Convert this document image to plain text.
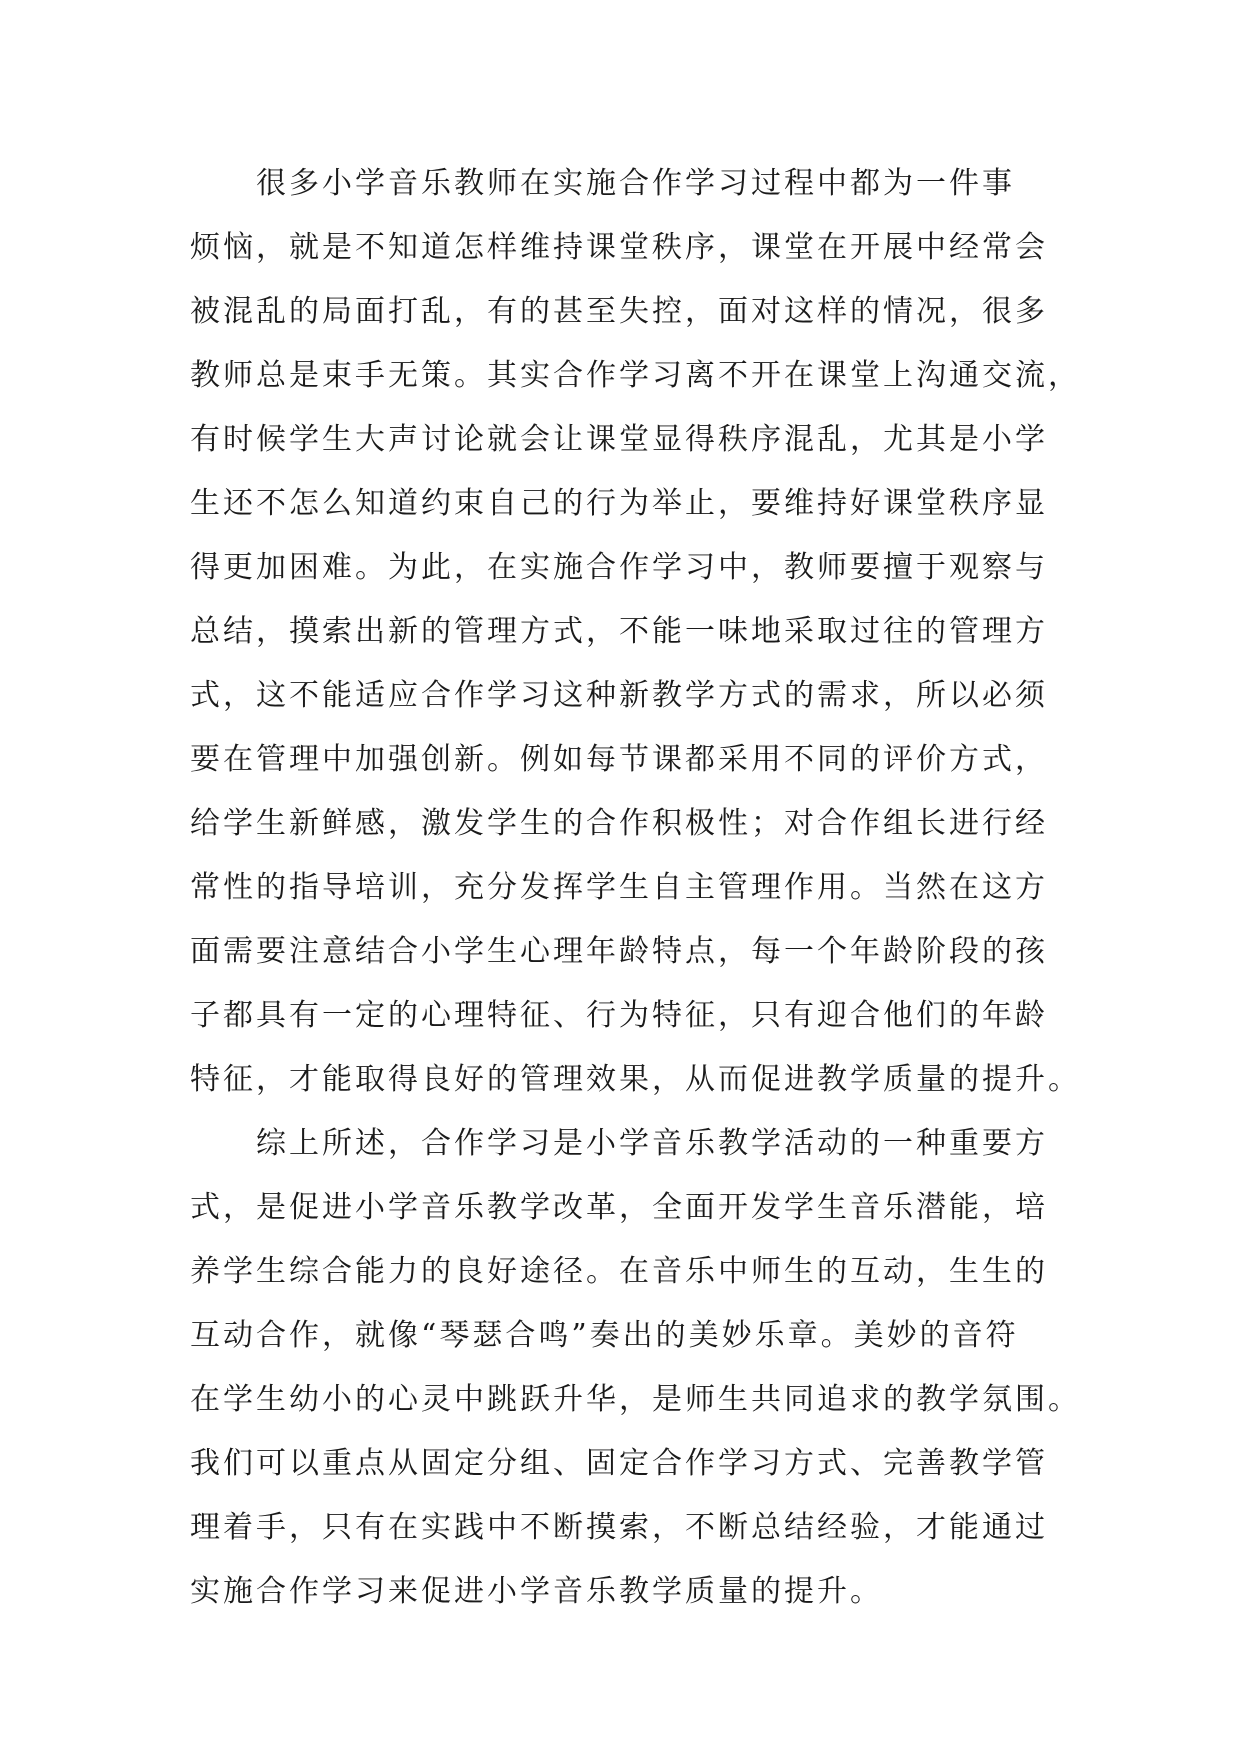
　　很多小学音乐教师在实施合作学习过程中都为一件事
烦恼，就是不知道怎样维持课堂秩序，课堂在开展中经常会
被混乱的局面打乱，有的甚至失控，面对这样的情况，很多
教师总是束手无策。其实合作学习离不开在课堂上沟通交流，
有时候学生大声讨论就会让课堂显得秩序混乱，尤其是小学
生还不怎么知道约束自己的行为举止，要维持好课堂秩序显
得更加困难。为此，在实施合作学习中，教师要擅于观察与
总结，摸索出新的管理方式，不能一味地采取过往的管理方
式，这不能适应合作学习这种新教学方式的需求，所以必须
要在管理中加强创新。例如每节课都采用不同的评价方式，
给学生新鲜感，激发学生的合作积极性；对合作组长进行经
常性的指导培训，充分发挥学生自主管理作用。当然在这方
面需要注意结合小学生心理年龄特点，每一个年龄阶段的孩
子都具有一定的心理特征、行为特征，只有迎合他们的年龄
特征，才能取得良好的管理效果，从而促进教学质量的提升。
　　综上所述，合作学习是小学音乐教学活动的一种重要方
式，是促进小学音乐教学改革，全面开发学生音乐潜能，培
养学生综合能力的良好途径。在音乐中师生的互动，生生的
互动合作，就像“琴瑟合鸣”奏出的美妙乐章。美妙的音符
在学生幼小的心灵中跳跃升华，是师生共同追求的教学氛围。
我们可以重点从固定分组、固定合作学习方式、完善教学管
理着手，只有在实践中不断摸索，不断总结经验，才能通过
实施合作学习来促进小学音乐教学质量的提升。
